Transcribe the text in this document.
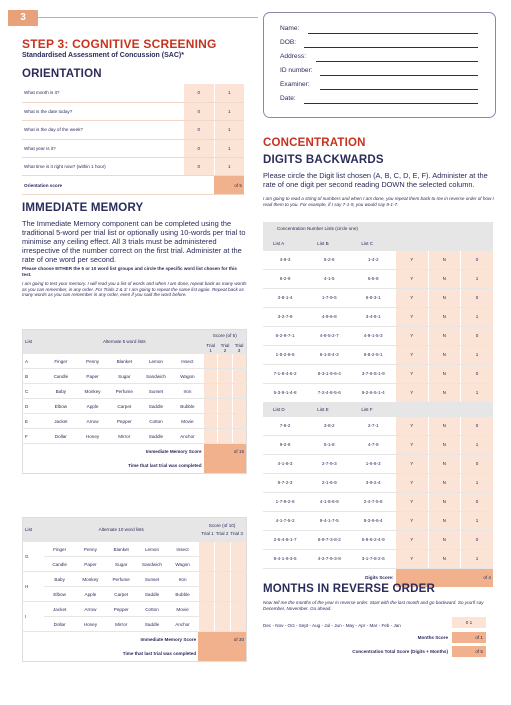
3
STEP 3: COGNITIVE SCREENING
Standardised Assessment of Concussion (SAC)*
ORIENTATION
What month is it?	0	1
What is the date today?	0	1
What is the day of the week?	0	1
What year is it?	0	1
What time is it right now? (within 1 hour)	0	1
Orientation score		of 5
IMMEDIATE MEMORY
The Immediate Memory component can be completed using the traditional 5-word per trial list or optionally using 10-words per trial to minimise any ceiling effect. All 3 trials must be administered irrespective of the number correct on the first trial. Administer at the rate of one word per second.
Please choose EITHER the 5 or 10 word list groups and circle the specific word list chosen for this test.
I am going to test your memory. I will read you a list of words and when I am done, repeat back as many words as you can remember, in any order. For Trials 2 & 3: I am going to repeat the same list again. Repeat back as many words as you can remember in any order, even if you said the word before.
List	Alternate 5 word lists					Score (of 5)		
						Trial 1	Trial 2	Trial 3
A	Finger	Penny	Blanket	Lemon	Insect			
B	Candle	Paper	Sugar	Sandwich	Wagon			
C	Baby	Monkey	Perfume	Sunset	Iron			
D	Elbow	Apple	Carpet	Saddle	Bubble			
E	Jacket	Arrow	Pepper	Cotton	Movie			
F	Dollar	Honey	Mirror	Saddle	Anchor			
Immediate Memory Score						of 15		
Time that last trial was completed								
List	Alternate 10 word lists					Score (of 10)
Trial 1 Trial 2 Trial 3		

G	Finger	Penny	Blanket	Lemon	Insect			
	Candle	Paper	Sugar	Sandwich	Wagon			
H	Baby	Monkey	Perfume	Sunset	Iron			
	Elbow	Apple	Carpet	Saddle	Bubble			
I	Jacket	Arrow	Pepper	Cotton	Movie			
	Dollar	Honey	Mirror	Saddle	Anchor			
Immediate Memory Score						of 30		
Time that last trial was completed								
Name:
DOB:
Address:
ID number:
Examiner:
Date:
CONCENTRATION
DIGITS BACKWARDS
Please circle the Digit list chosen (A, B, C, D, E, F). Administer at the rate of one digit per second reading DOWN the selected column.
I am going to read a string of numbers and when I am done, you repeat them back to me in reverse order of how I read them to you. For example, if I say 7-1-9, you would say 9-1-7.
Concentration Number Lists (circle one)					
List A	List B	List C			
4-9-3	5-2-6	1-4-2	Y	N	0
6-2-9	4-1-5	6-5-8	Y	N	1
3-8-1-4	1-7-9-5	6-8-3-1	Y	N	0
3-2-7-9	4-9-6-8	3-4-8-1	Y	N	1
6-2-9-7-1	4-8-5-2-7	4-9-1-5-3	Y	N	0
1-5-2-8-6	6-1-8-4-3	6-8-2-5-1	Y	N	1
7-1-8-4-6-2	8-3-1-9-6-4	3-7-6-5-1-9	Y	N	0
5-3-9-1-4-8	7-2-4-8-5-6	9-2-6-5-1-4	Y	N	1
List D	List E	List F			
7-8-2	3-8-2	2-7-1	Y	N	0
9-2-6	5-1-8	4-7-9	Y	N	1
4-1-8-3	2-7-9-3	1-6-8-3	Y	N	0
9-7-2-3	2-1-6-9	3-9-2-4	Y	N	1
1-7-9-2-6	4-1-8-6-9	2-4-7-5-8	Y	N	0
4-1-7-5-2	9-4-1-7-5	8-3-9-6-4	Y	N	1
2-6-4-8-1-7	6-9-7-3-8-2	5-8-6-2-4-9	Y	N	0
8-4-1-9-3-5	4-2-7-9-3-8	3-1-7-8-2-6	Y	N	1
Digits Score:			of 4		
MONTHS IN REVERSE ORDER
Now tell me the months of the year in reverse order. Start with the last month and go backward. So you'll say December, November. Go ahead.
Dec - Nov - Oct - Sept - Aug - Jul - Jun - May - Apr - Mar - Feb - Jan
0 1
Months Score	of 1
Concentration Total Score (Digits + Months)	of 5
